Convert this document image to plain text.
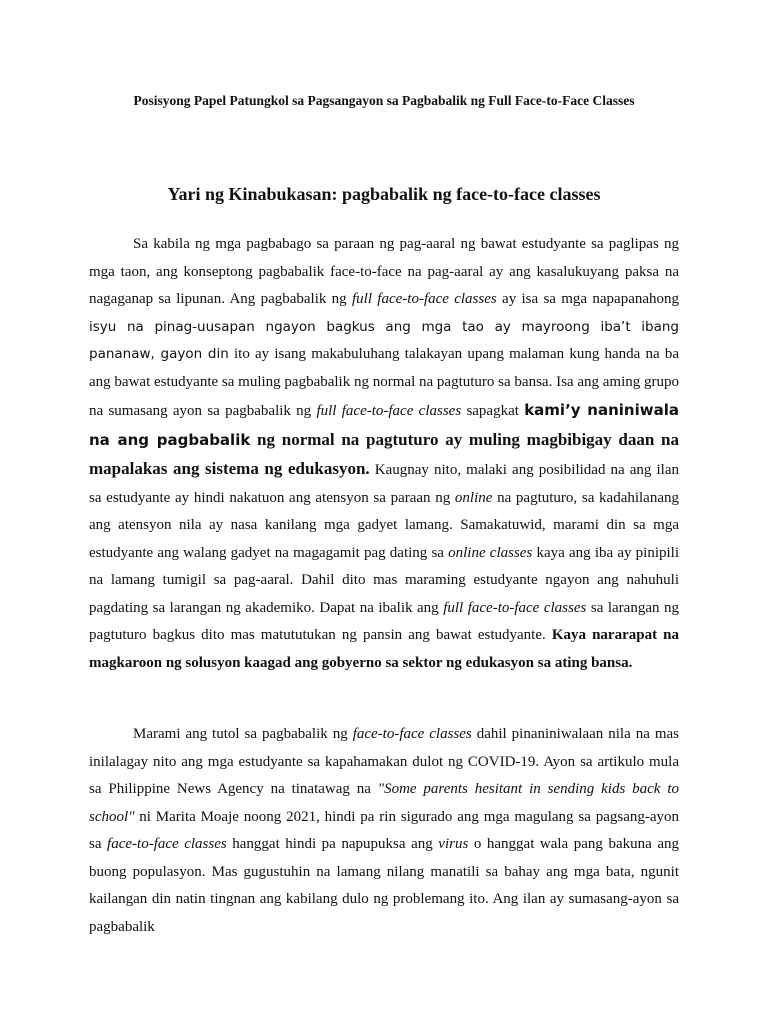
Posisyong Papel Patungkol sa Pagsangayon sa Pagbabalik ng Full Face-to-Face Classes
Yari ng Kinabukasan: pagbabalik ng face-to-face classes

Sa kabila ng mga pagbabago sa paraan ng pag-aaral ng bawat estudyante sa paglipas ng mga taon, ang konseptong pagbabalik face-to-face na pag-aaral ay ang kasalukuyang paksa na nagaganap sa lipunan. Ang pagbabalik ng full face-to-face classes ay isa sa mga napapanahong isyu na pinag-uusapan ngayon bagkus ang mga tao ay mayroong iba’t ibang pananaw, gayon din ito ay isang makabuluhang talakayan upang malaman kung handa na ba ang bawat estudyante sa muling pagbabalik ng normal na pagtuturo sa bansa. Isa ang aming grupo na sumasang ayon sa pagbabalik ng full face-to-face classes sapagkat kami’y naniniwala na ang pagbabalik ng normal na pagtuturo ay muling magbibigay daan na mapalakas ang sistema ng edukasyon. Kaugnay nito, malaki ang posibilidad na ang ilan sa estudyante ay hindi nakatuon ang atensyon sa paraan ng online na pagtuturo, sa kadahilanang ang atensyon nila ay nasa kanilang mga gadyet lamang. Samakatuwid, marami din sa mga estudyante ang walang gadyet na magagamit pag dating sa online classes kaya ang iba ay pinipili na lamang tumigil sa pag-aaral. Dahil dito mas maraming estudyante ngayon ang nahuhuli pagdating sa larangan ng akademiko. Dapat na ibalik ang full face-to-face classes sa larangan ng pagtuturo bagkus dito mas matututukan ng pansin ang bawat estudyante. Kaya nararapat na magkaroon ng solusyon kaagad ang gobyerno sa sektor ng edukasyon sa ating bansa.

Marami ang tutol sa pagbabalik ng face-to-face classes dahil pinaniniwalaan nila na mas inilalagay nito ang mga estudyante sa kapahamakan dulot ng COVID-19. Ayon sa artikulo mula sa Philippine News Agency na tinatawag na "Some parents hesitant in sending kids back to school" ni Marita Moaje noong 2021, hindi pa rin sigurado ang mga magulang sa pagsang-ayon sa face-to-face classes hanggat hindi pa napupuksa ang virus o hanggat wala pang bakuna ang buong populasyon. Mas gugustuhin na lamang nilang manatili sa bahay ang mga bata, ngunit kailangan din natin tingnan ang kabilang dulo ng problemang ito. Ang ilan ay sumasang-ayon sa pagbabalik
